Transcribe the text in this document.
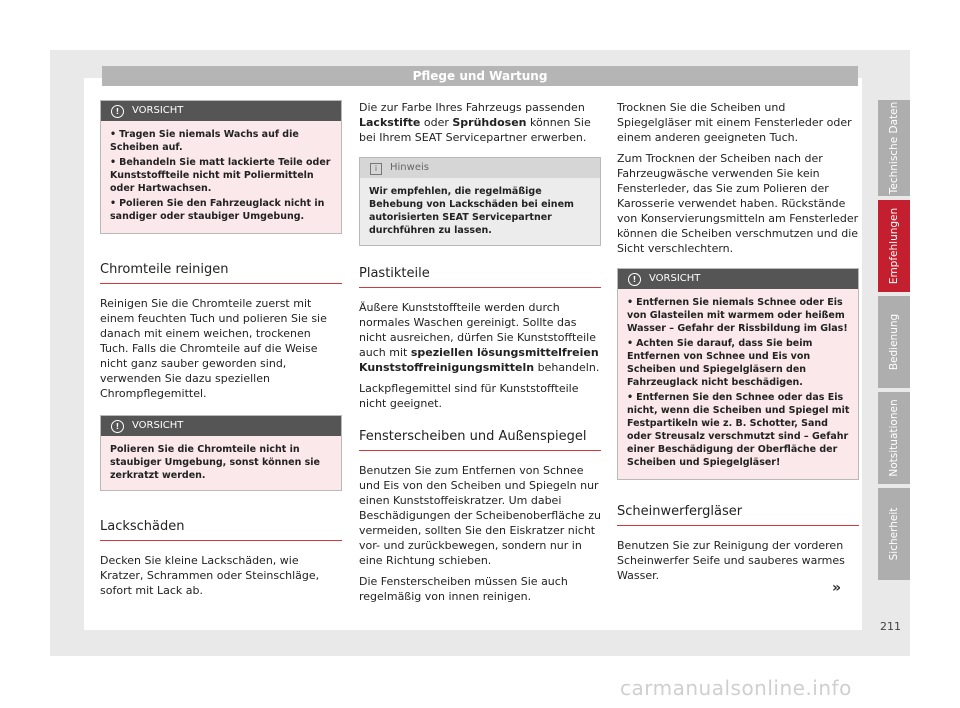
Pflege und Wartung
! VORSICHT
• Tragen Sie niemals Wachs auf die Scheiben auf.
• Behandeln Sie matt lackierte Teile oder Kunststoffteile nicht mit Poliermitteln oder Hartwachsen.
• Polieren Sie den Fahrzeuglack nicht in sandiger oder staubiger Umgebung.
Chromteile reinigen

Reinigen Sie die Chromteile zuerst mit einem feuchten Tuch und polieren Sie sie danach mit einem weichen, trockenen Tuch. Falls die Chromteile auf die Weise nicht ganz sauber geworden sind, verwenden Sie dazu speziellen Chrompflegemittel.

! VORSICHT
Polieren Sie die Chromteile nicht in staubiger Umgebung, sonst können sie zerkratzt werden.
Lackschäden

Decken Sie kleine Lackschäden, wie Kratzer, Schrammen oder Steinschläge, sofort mit Lack ab.

Die zur Farbe Ihres Fahrzeugs passenden Lackstifte oder Sprühdosen können Sie bei Ihrem SEAT Servicepartner erwerben.

i Hinweis
Wir empfehlen, die regelmäßige Behebung von Lackschäden bei einem autorisierten SEAT Servicepartner durchführen zu lassen.
Plastikteile

Äußere Kunststoffteile werden durch normales Waschen gereinigt. Sollte das nicht ausreichen, dürfen Sie Kunststoffteile auch mit speziellen lösungsmittelfreien Kunststoffreinigungsmitteln behandeln.

Lackpflegemittel sind für Kunststoffteile nicht geeignet.

Fensterscheiben und Außenspiegel

Benutzen Sie zum Entfernen von Schnee und Eis von den Scheiben und Spiegeln nur einen Kunststoffeiskratzer. Um dabei Beschädigungen der Scheibenoberfläche zu vermeiden, sollten Sie den Eiskratzer nicht vor- und zurückbewegen, sondern nur in eine Richtung schieben.

Die Fensterscheiben müssen Sie auch regelmäßig von innen reinigen.

Trocknen Sie die Scheiben und Spiegelgläser mit einem Fensterleder oder einem anderen geeigneten Tuch.

Zum Trocknen der Scheiben nach der Fahrzeugwäsche verwenden Sie kein Fensterleder, das Sie zum Polieren der Karosserie verwendet haben. Rückstände von Konservierungsmitteln am Fensterleder können die Scheiben verschmutzen und die Sicht verschlechtern.

! VORSICHT
• Entfernen Sie niemals Schnee oder Eis von Glasteilen mit warmem oder heißem Wasser – Gefahr der Rissbildung im Glas!
• Achten Sie darauf, dass Sie beim Entfernen von Schnee und Eis von Scheiben und Spiegelgläsern den Fahrzeuglack nicht beschädigen.
• Entfernen Sie den Schnee oder das Eis nicht, wenn die Scheiben und Spiegel mit Festpartikeln wie z. B. Schotter, Sand oder Streusalz verschmutzt sind – Gefahr einer Beschädigung der Oberfläche der Scheiben und Spiegelgläser!
Scheinwerfergläser

Benutzen Sie zur Reinigung der vorderen Scheinwerfer Seife und sauberes warmes Wasser.

»
Technische Daten
Empfehlungen
Bedienung
Notsituationen
Sicherheit
211
carmanualsonline.info
